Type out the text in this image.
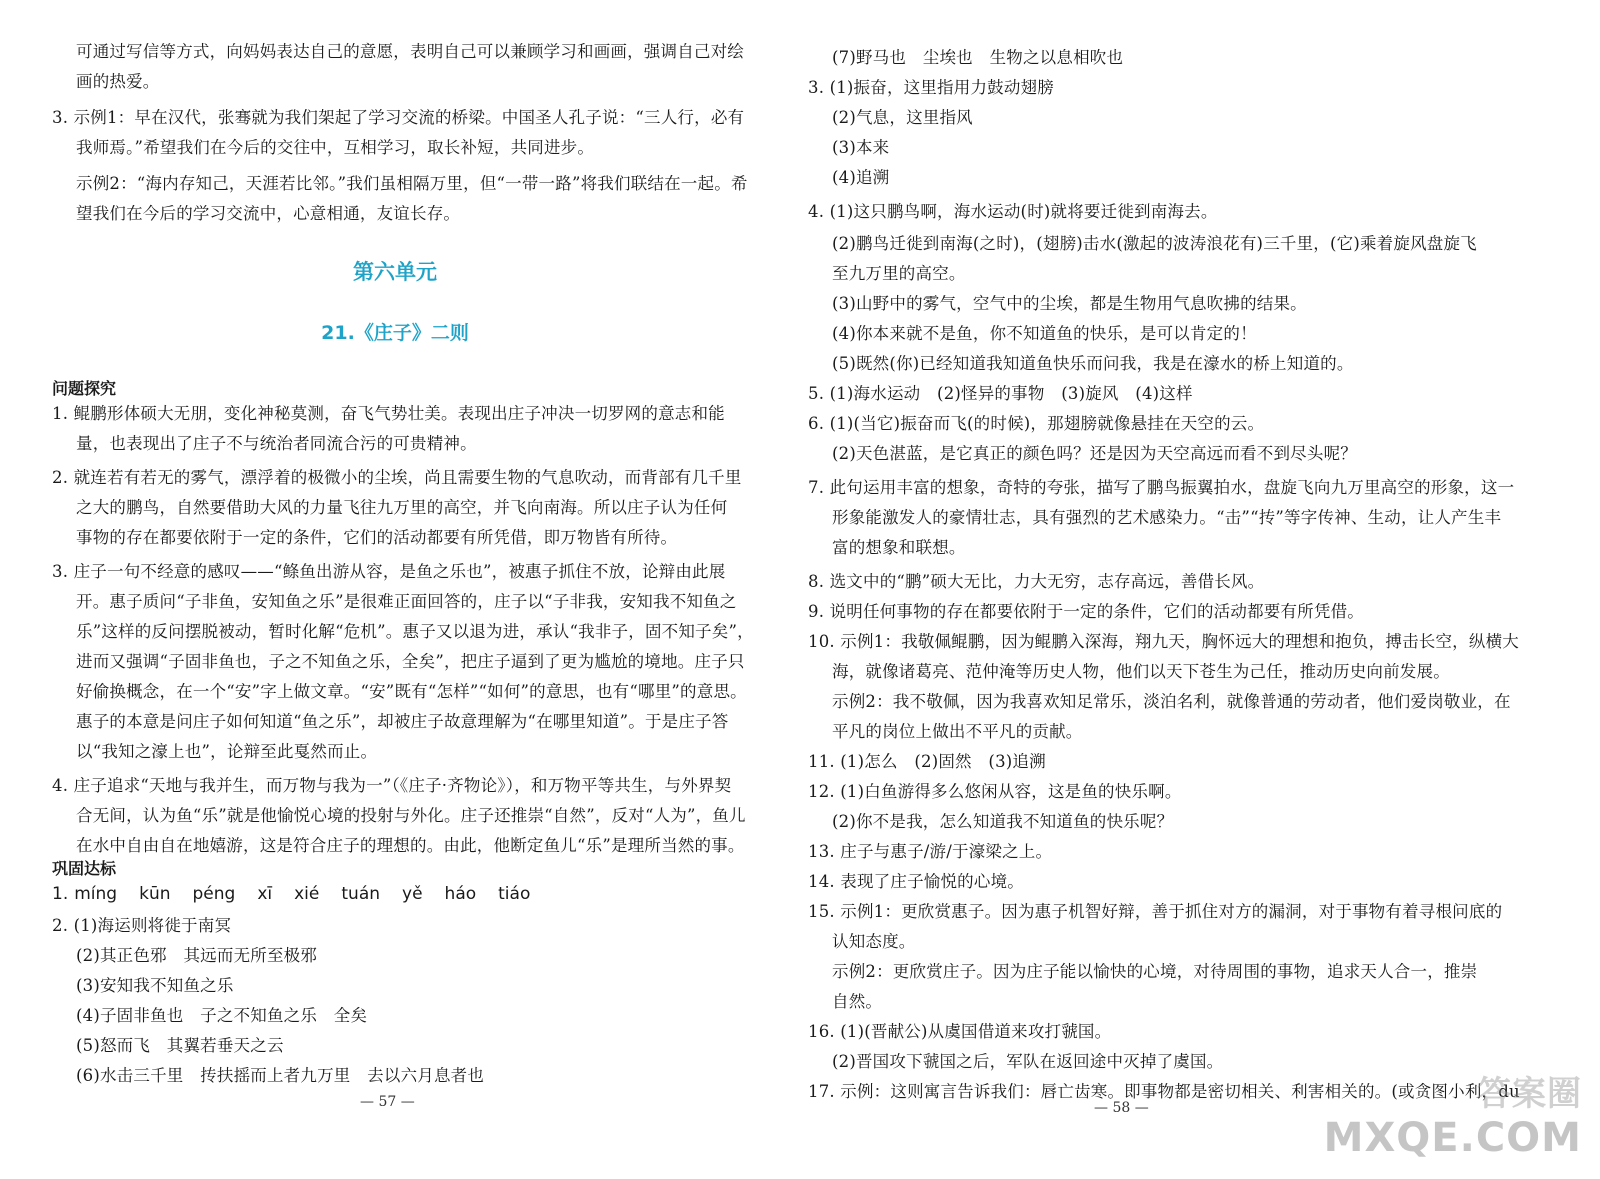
可通过写信等方式，向妈妈表达自己的意愿，表明自己可以兼顾学习和画画，强调自己对绘
画的热爱。
3. 示例1：早在汉代，张骞就为我们架起了学习交流的桥梁。中国圣人孔子说：“三人行，必有
我师焉。”希望我们在今后的交往中，互相学习，取长补短，共同进步。
示例2：“海内存知己，天涯若比邻。”我们虽相隔万里，但“一带一路”将我们联结在一起。希
望我们在今后的学习交流中，心意相通，友谊长存。
第六单元
21.《庄子》二则
问题探究
1. 鲲鹏形体硕大无朋，变化神秘莫测，奋飞气势壮美。表现出庄子冲决一切罗网的意志和能
量，也表现出了庄子不与统治者同流合污的可贵精神。
2. 就连若有若无的雾气，漂浮着的极微小的尘埃，尚且需要生物的气息吹动，而背部有几千里
之大的鹏鸟，自然要借助大风的力量飞往九万里的高空，并飞向南海。所以庄子认为任何
事物的存在都要依附于一定的条件，它们的活动都要有所凭借，即万物皆有所待。
3. 庄子一句不经意的感叹——“鲦鱼出游从容，是鱼之乐也”，被惠子抓住不放，论辩由此展
开。惠子质问“子非鱼，安知鱼之乐”是很难正面回答的，庄子以“子非我，安知我不知鱼之
乐”这样的反问摆脱被动，暂时化解“危机”。惠子又以退为进，承认“我非子，固不知子矣”，
进而又强调“子固非鱼也，子之不知鱼之乐，全矣”，把庄子逼到了更为尴尬的境地。庄子只
好偷换概念，在一个“安”字上做文章。“安”既有“怎样”“如何”的意思，也有“哪里”的意思。
惠子的本意是问庄子如何知道“鱼之乐”，却被庄子故意理解为“在哪里知道”。于是庄子答
以“我知之濠上也”，论辩至此戛然而止。
4. 庄子追求“天地与我并生，而万物与我为一”（《庄子·齐物论》），和万物平等共生，与外界契
合无间，认为鱼“乐”就是他愉悦心境的投射与外化。庄子还推崇“自然”，反对“人为”，鱼儿
在水中自由自在地嬉游，这是符合庄子的理想的。由此，他断定鱼儿“乐”是理所当然的事。
巩固达标
1. míng kūn péng xī xié tuán yě háo tiáo
2. (1)海运则将徙于南冥
(2)其正色邪　其远而无所至极邪
(3)安知我不知鱼之乐
(4)子固非鱼也　子之不知鱼之乐　全矣
(5)怒而飞　其翼若垂天之云
(6)水击三千里　抟扶摇而上者九万里　去以六月息者也
— 57 —
(7)野马也　尘埃也　生物之以息相吹也
3. (1)振奋，这里指用力鼓动翅膀
(2)气息，这里指风
(3)本来
(4)追溯
4. (1)这只鹏鸟啊，海水运动(时)就将要迁徙到南海去。
(2)鹏鸟迁徙到南海(之时)，(翅膀)击水(激起的波涛浪花有)三千里，(它)乘着旋风盘旋飞
至九万里的高空。
(3)山野中的雾气，空气中的尘埃，都是生物用气息吹拂的结果。
(4)你本来就不是鱼，你不知道鱼的快乐，是可以肯定的！
(5)既然(你)已经知道我知道鱼快乐而问我，我是在濠水的桥上知道的。
5. (1)海水运动　(2)怪异的事物　(3)旋风　(4)这样
6. (1)(当它)振奋而飞(的时候)，那翅膀就像悬挂在天空的云。
(2)天色湛蓝，是它真正的颜色吗？还是因为天空高远而看不到尽头呢？
7. 此句运用丰富的想象，奇特的夸张，描写了鹏鸟振翼拍水，盘旋飞向九万里高空的形象，这一
形象能激发人的豪情壮志，具有强烈的艺术感染力。“击”“抟”等字传神、生动，让人产生丰
富的想象和联想。
8. 选文中的“鹏”硕大无比，力大无穷，志存高远，善借长风。
9. 说明任何事物的存在都要依附于一定的条件，它们的活动都要有所凭借。
10. 示例1：我敬佩鲲鹏，因为鲲鹏入深海，翔九天，胸怀远大的理想和抱负，搏击长空，纵横大
海，就像诸葛亮、范仲淹等历史人物，他们以天下苍生为己任，推动历史向前发展。
示例2：我不敬佩，因为我喜欢知足常乐，淡泊名利，就像普通的劳动者，他们爱岗敬业，在
平凡的岗位上做出不平凡的贡献。
11. (1)怎么　(2)固然　(3)追溯
12. (1)白鱼游得多么悠闲从容，这是鱼的快乐啊。
(2)你不是我，怎么知道我不知道鱼的快乐呢？
13. 庄子与惠子/游/于濠梁之上。
14. 表现了庄子愉悦的心境。
15. 示例1：更欣赏惠子。因为惠子机智好辩，善于抓住对方的漏洞，对于事物有着寻根问底的
认知态度。
示例2：更欣赏庄子。因为庄子能以愉快的心境，对待周围的事物，追求天人合一，推崇
自然。
16. (1)(晋献公)从虞国借道来攻打虢国。
(2)晋国攻下虢国之后，军队在返回途中灭掉了虞国。
17. 示例：这则寓言告诉我们：唇亡齿寒。即事物都是密切相关、利害相关的。(或贪图小利，du
— 58 —	答案圈
MXQE.COM
